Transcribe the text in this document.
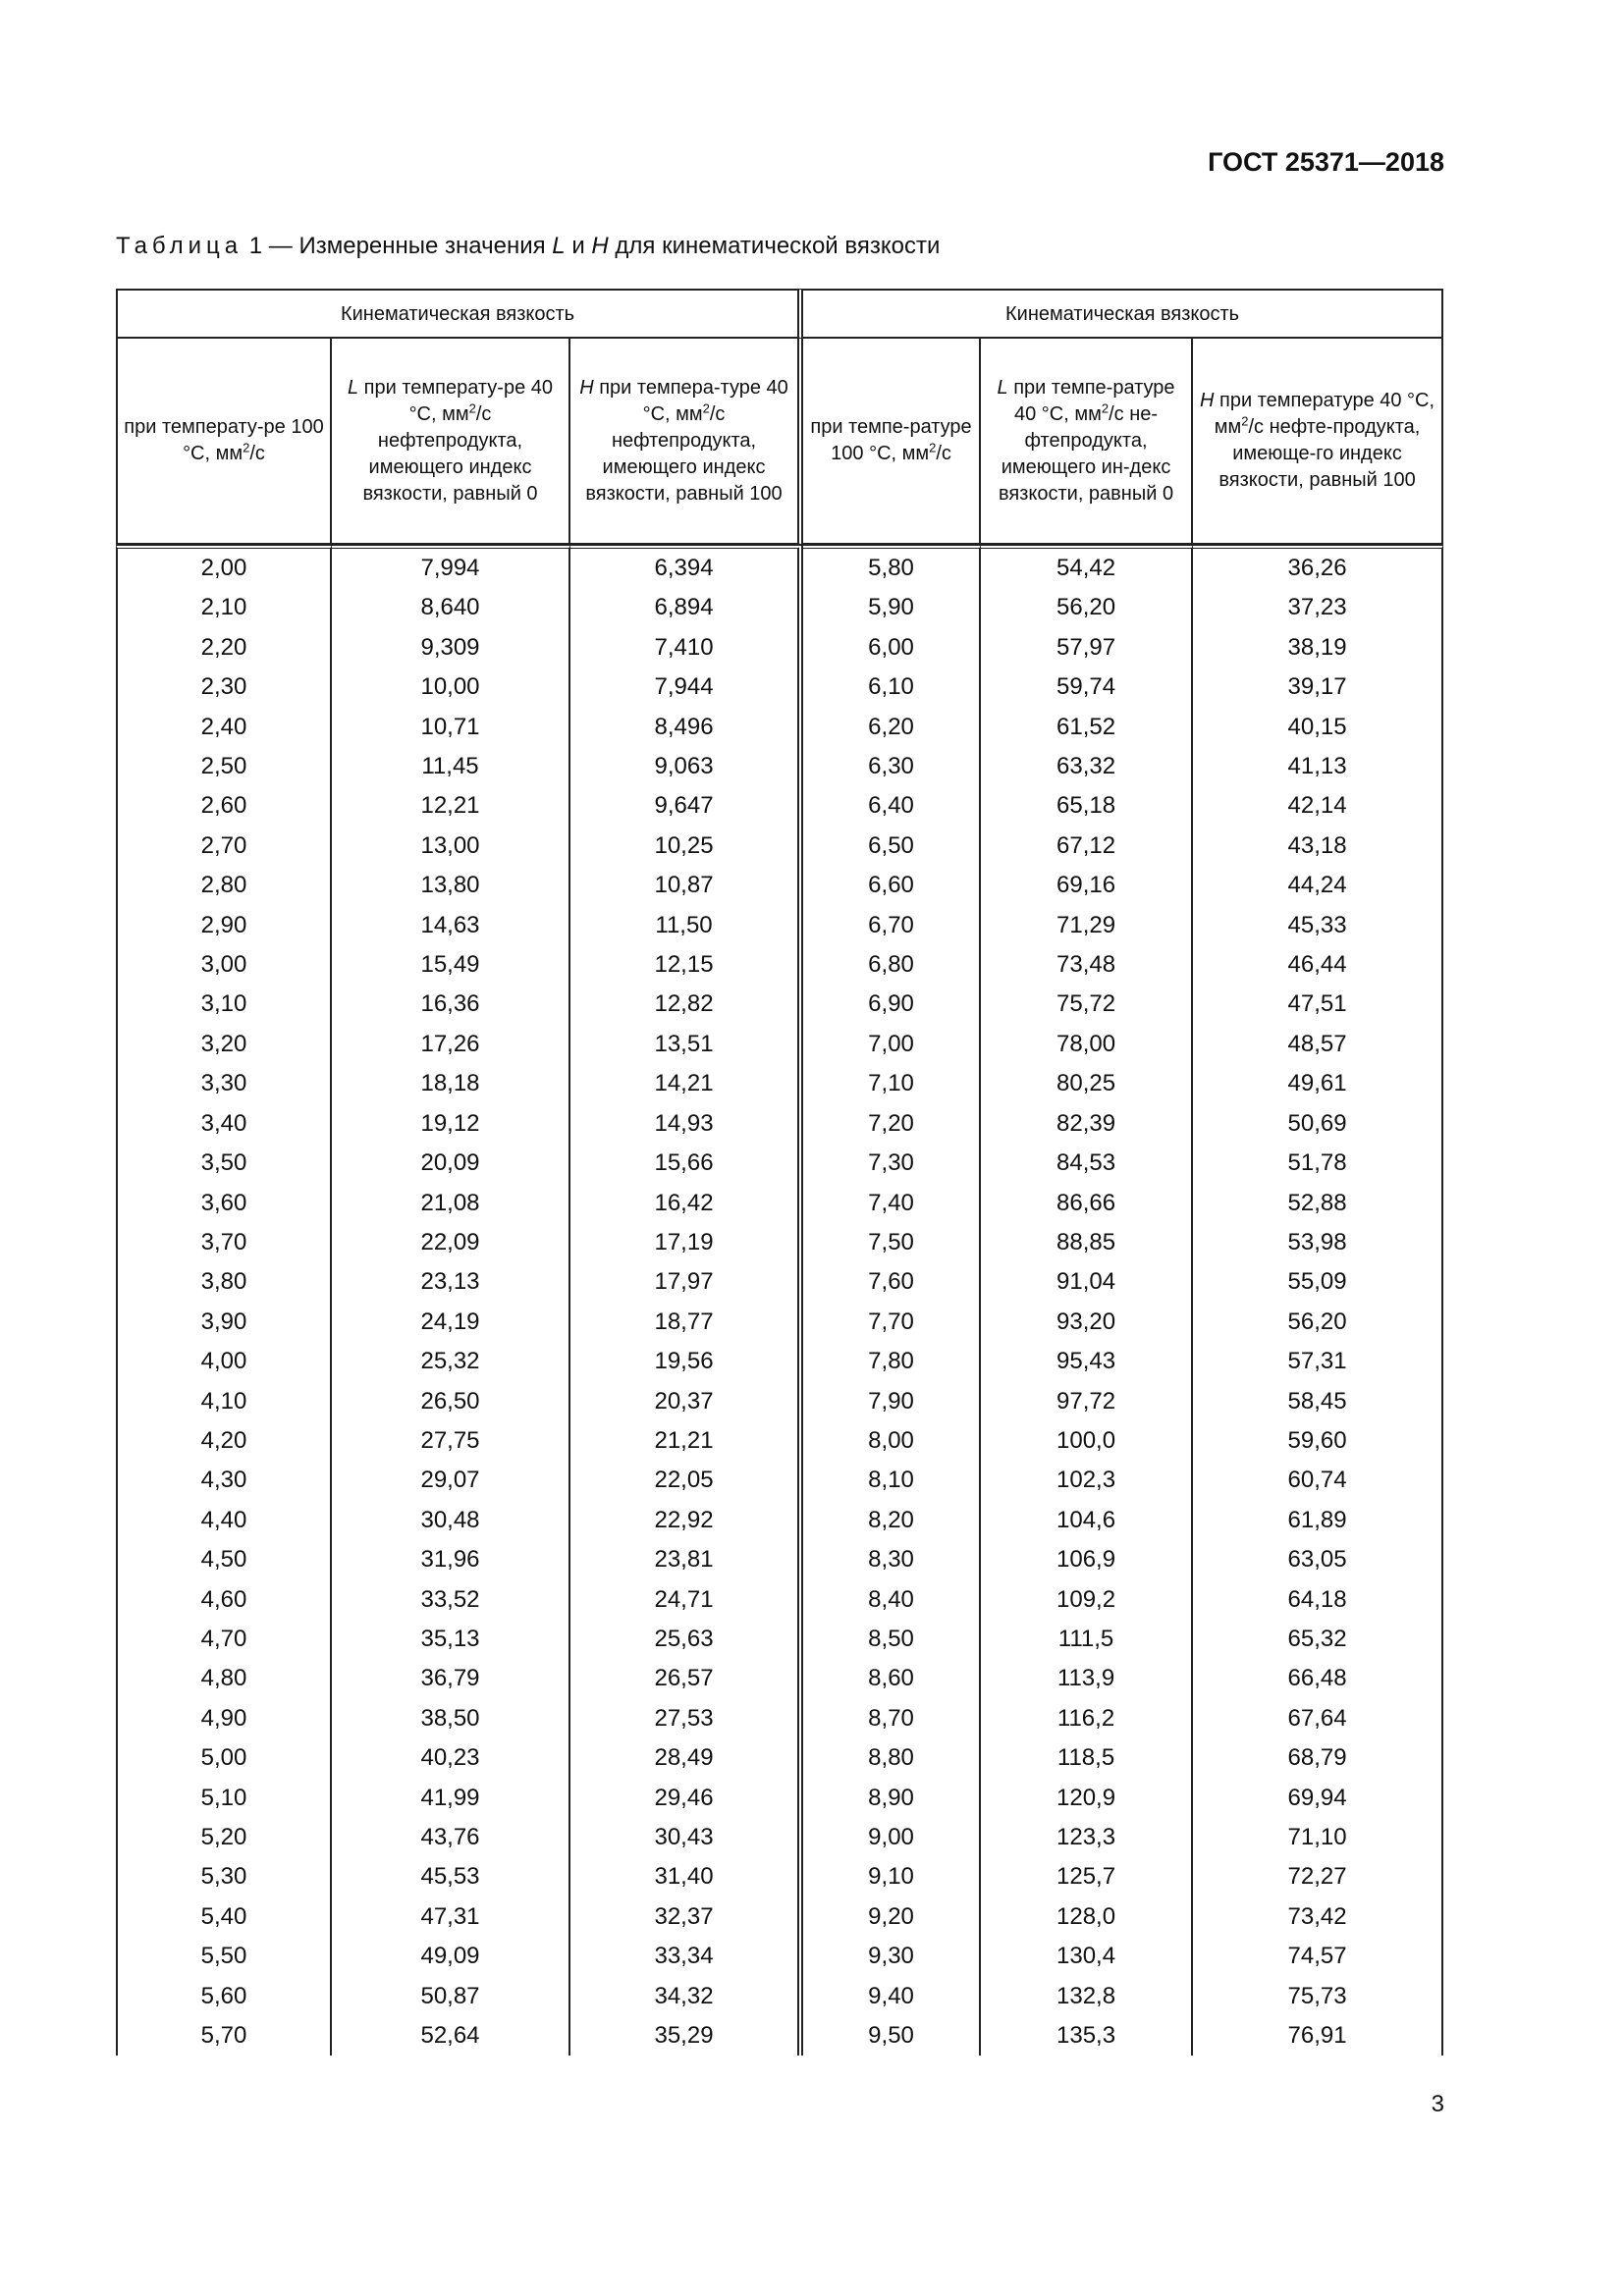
ГОСТ 25371—2018
Таблица 1 — Измеренные значения L и H для кинематической вязкости
Кинематическая вязкость			Кинематическая вязкость		
при температу-ре 100 °С, $мм^2/с$	L при температу-ре 40 °С, $мм^2/с$ нефтепродукта, имеющего индекс вязкости, равный 0	H при темпера-туре 40 °С, $мм^2/с$ нефтепродукта, имеющего индекс вязкости, равный 100	при темпе-ратуре 100 °С, $мм^2/с$	L при темпе-ратуре 40 °С, $мм^2/с$ не-фтепродукта, имеющего ин-декс вязкости, равный 0	H при температуре 40 °С, $мм^2/с$ нефте-продукта, имеюще-го индекс вязкости, равный 100
2,00	7,994	6,394	5,80	54,42	36,26
2,10	8,640	6,894	5,90	56,20	37,23
2,20	9,309	7,410	6,00	57,97	38,19
2,30	10,00	7,944	6,10	59,74	39,17
2,40	10,71	8,496	6,20	61,52	40,15
2,50	11,45	9,063	6,30	63,32	41,13
2,60	12,21	9,647	6,40	65,18	42,14
2,70	13,00	10,25	6,50	67,12	43,18
2,80	13,80	10,87	6,60	69,16	44,24
2,90	14,63	11,50	6,70	71,29	45,33
3,00	15,49	12,15	6,80	73,48	46,44
3,10	16,36	12,82	6,90	75,72	47,51
3,20	17,26	13,51	7,00	78,00	48,57
3,30	18,18	14,21	7,10	80,25	49,61
3,40	19,12	14,93	7,20	82,39	50,69
3,50	20,09	15,66	7,30	84,53	51,78
3,60	21,08	16,42	7,40	86,66	52,88
3,70	22,09	17,19	7,50	88,85	53,98
3,80	23,13	17,97	7,60	91,04	55,09
3,90	24,19	18,77	7,70	93,20	56,20
4,00	25,32	19,56	7,80	95,43	57,31
4,10	26,50	20,37	7,90	97,72	58,45
4,20	27,75	21,21	8,00	100,0	59,60
4,30	29,07	22,05	8,10	102,3	60,74
4,40	30,48	22,92	8,20	104,6	61,89
4,50	31,96	23,81	8,30	106,9	63,05
4,60	33,52	24,71	8,40	109,2	64,18
4,70	35,13	25,63	8,50	111,5	65,32
4,80	36,79	26,57	8,60	113,9	66,48
4,90	38,50	27,53	8,70	116,2	67,64
5,00	40,23	28,49	8,80	118,5	68,79
5,10	41,99	29,46	8,90	120,9	69,94
5,20	43,76	30,43	9,00	123,3	71,10
5,30	45,53	31,40	9,10	125,7	72,27
5,40	47,31	32,37	9,20	128,0	73,42
5,50	49,09	33,34	9,30	130,4	74,57
5,60	50,87	34,32	9,40	132,8	75,73
5,70	52,64	35,29	9,50	135,3	76,91
3
